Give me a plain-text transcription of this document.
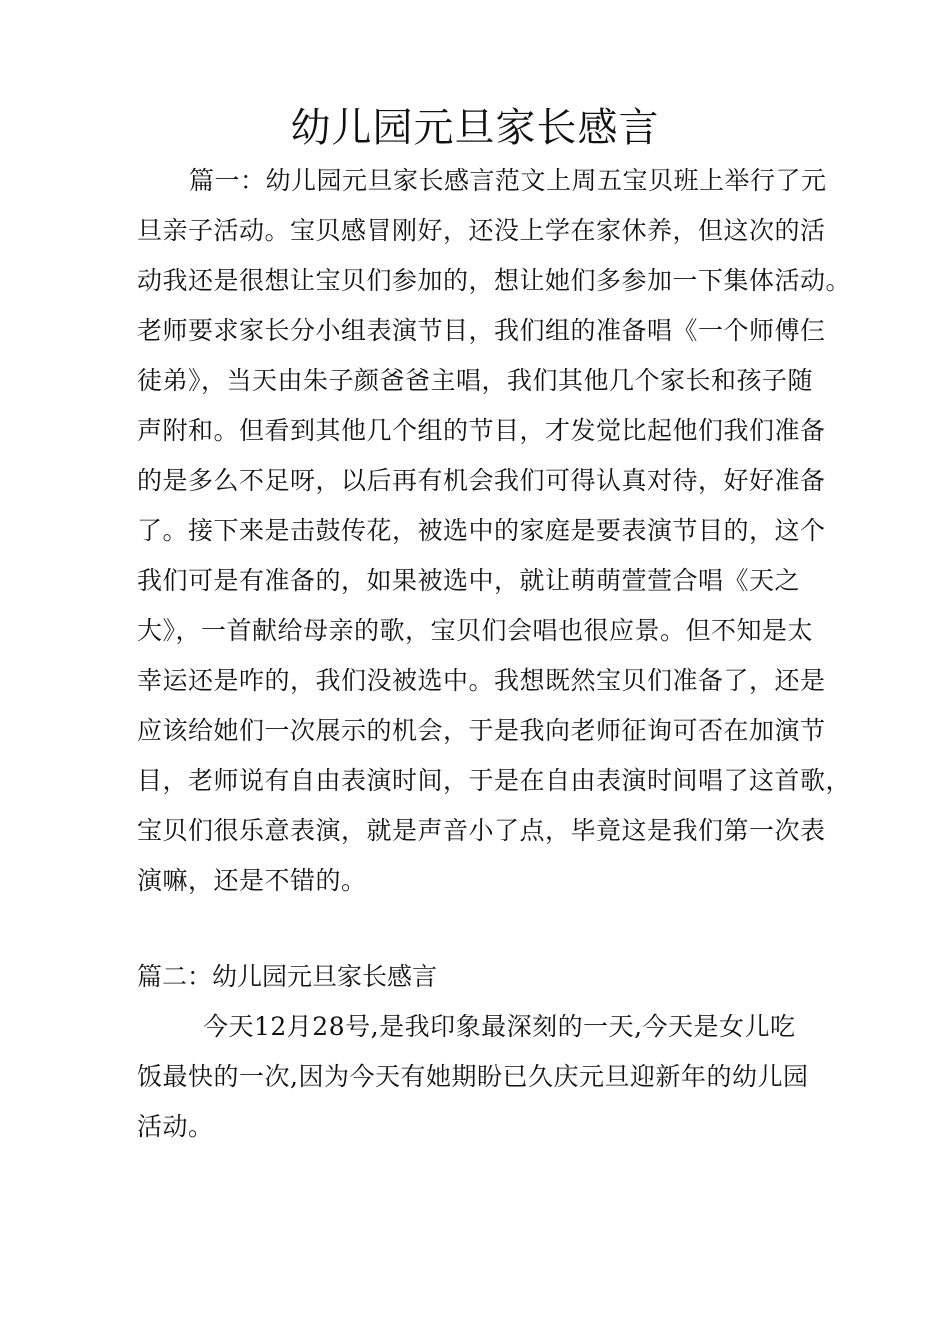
幼儿园元旦家长感言
篇一：幼儿园元旦家长感言范文上周五宝贝班上举行了元
旦亲子活动。宝贝感冒刚好，还没上学在家休养，但这次的活
动我还是很想让宝贝们参加的，想让她们多参加一下集体活动。
老师要求家长分小组表演节目，我们组的准备唱《一个师傅仨
徒弟》，当天由朱子颜爸爸主唱，我们其他几个家长和孩子随
声附和。但看到其他几个组的节目，才发觉比起他们我们准备
的是多么不足呀，以后再有机会我们可得认真对待，好好准备
了。接下来是击鼓传花，被选中的家庭是要表演节目的，这个
我们可是有准备的，如果被选中，就让萌萌萱萱合唱《天之
大》，一首献给母亲的歌，宝贝们会唱也很应景。但不知是太
幸运还是咋的，我们没被选中。我想既然宝贝们准备了，还是
应该给她们一次展示的机会，于是我向老师征询可否在加演节
目，老师说有自由表演时间，于是在自由表演时间唱了这首歌，
宝贝们很乐意表演，就是声音小了点，毕竟这是我们第一次表
演嘛，还是不错的。
篇二：幼儿园元旦家长感言
今天12月28号,是我印象最深刻的一天,今天是女儿吃
饭最快的一次,因为今天有她期盼已久庆元旦迎新年的幼儿园
活动。
